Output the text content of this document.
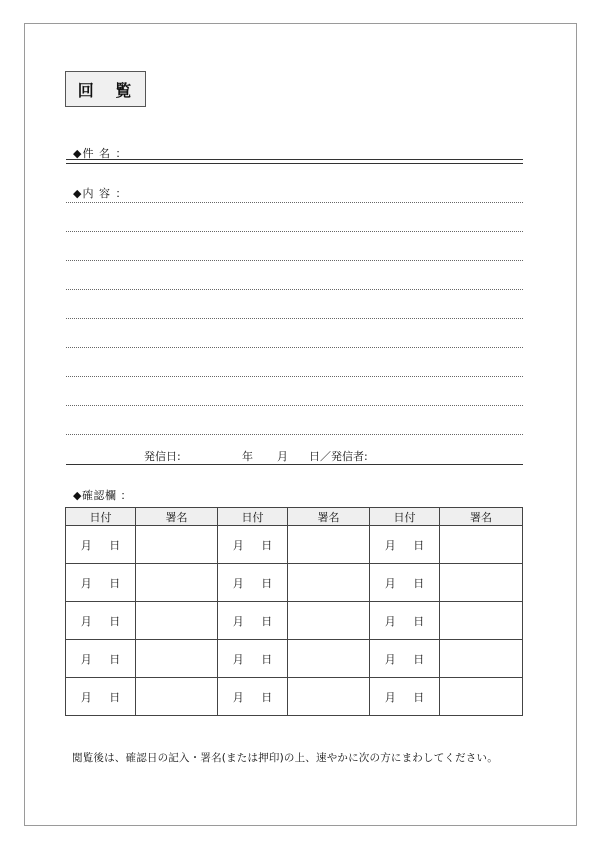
回 覧
◆件 名 ：
◆内 容 ：
発信日:	年 月 日／発信者:
◆確認欄 ：
日付	署名	日付	署名	日付	署名
月 日		月 日		月 日	
月 日		月 日		月 日	
月 日		月 日		月 日	
月 日		月 日		月 日	
月 日		月 日		月 日	
閲覧後は、確認日の記入・署名(または押印)の上、速やかに次の方にまわしてください。
